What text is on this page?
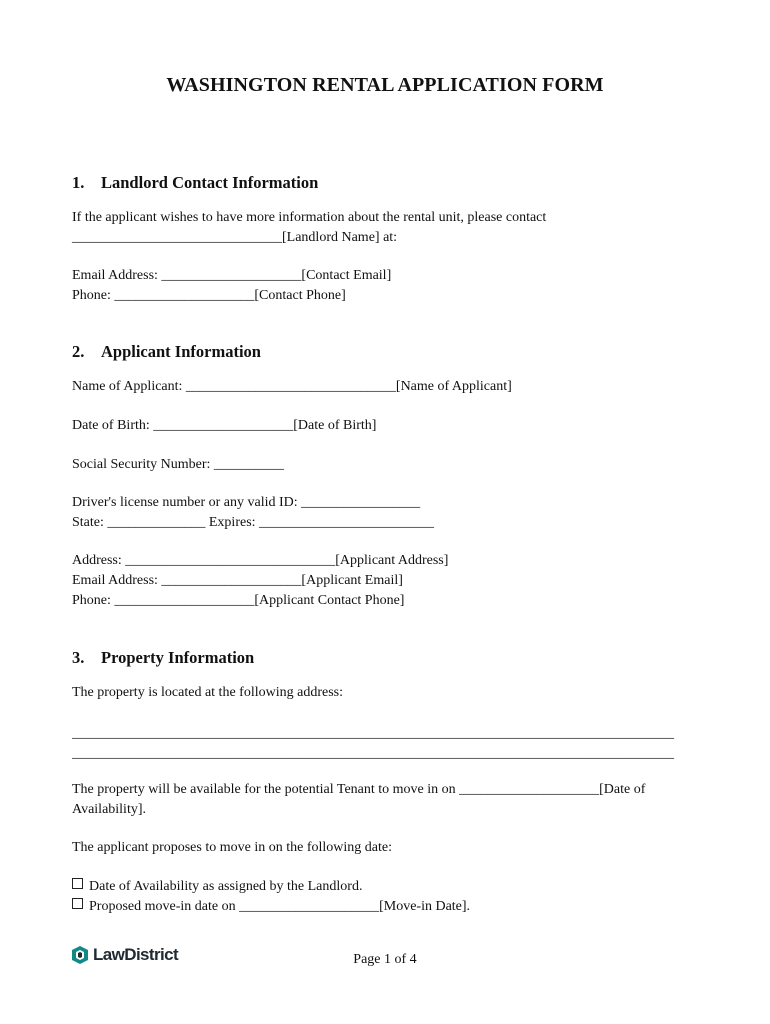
WASHINGTON RENTAL APPLICATION FORM
1. Landlord Contact Information
If the applicant wishes to have more information about the rental unit, please contact
______________________________[Landlord Name] at:
Email Address: ____________________[Contact Email]
Phone: ____________________[Contact Phone]
2. Applicant Information
Name of Applicant: ______________________________[Name of Applicant]
Date of Birth: ____________________[Date of Birth]
Social Security Number: __________
Driver's license number or any valid ID: _________________
State: ______________ Expires: _________________________
Address: ______________________________[Applicant Address]
Email Address: ____________________[Applicant Email]
Phone: ____________________[Applicant Contact Phone]
3. Property Information
The property is located at the following address:
______________________________________________________________________________________
______________________________________________________________________________________
The property will be available for the potential Tenant to move in on ____________________[Date of
Availability].
The applicant proposes to move in on the following date:
Date of Availability as assigned by the Landlord.
Proposed move-in date on ____________________[Move-in Date].
LawDistrict	Page 1 of 4
